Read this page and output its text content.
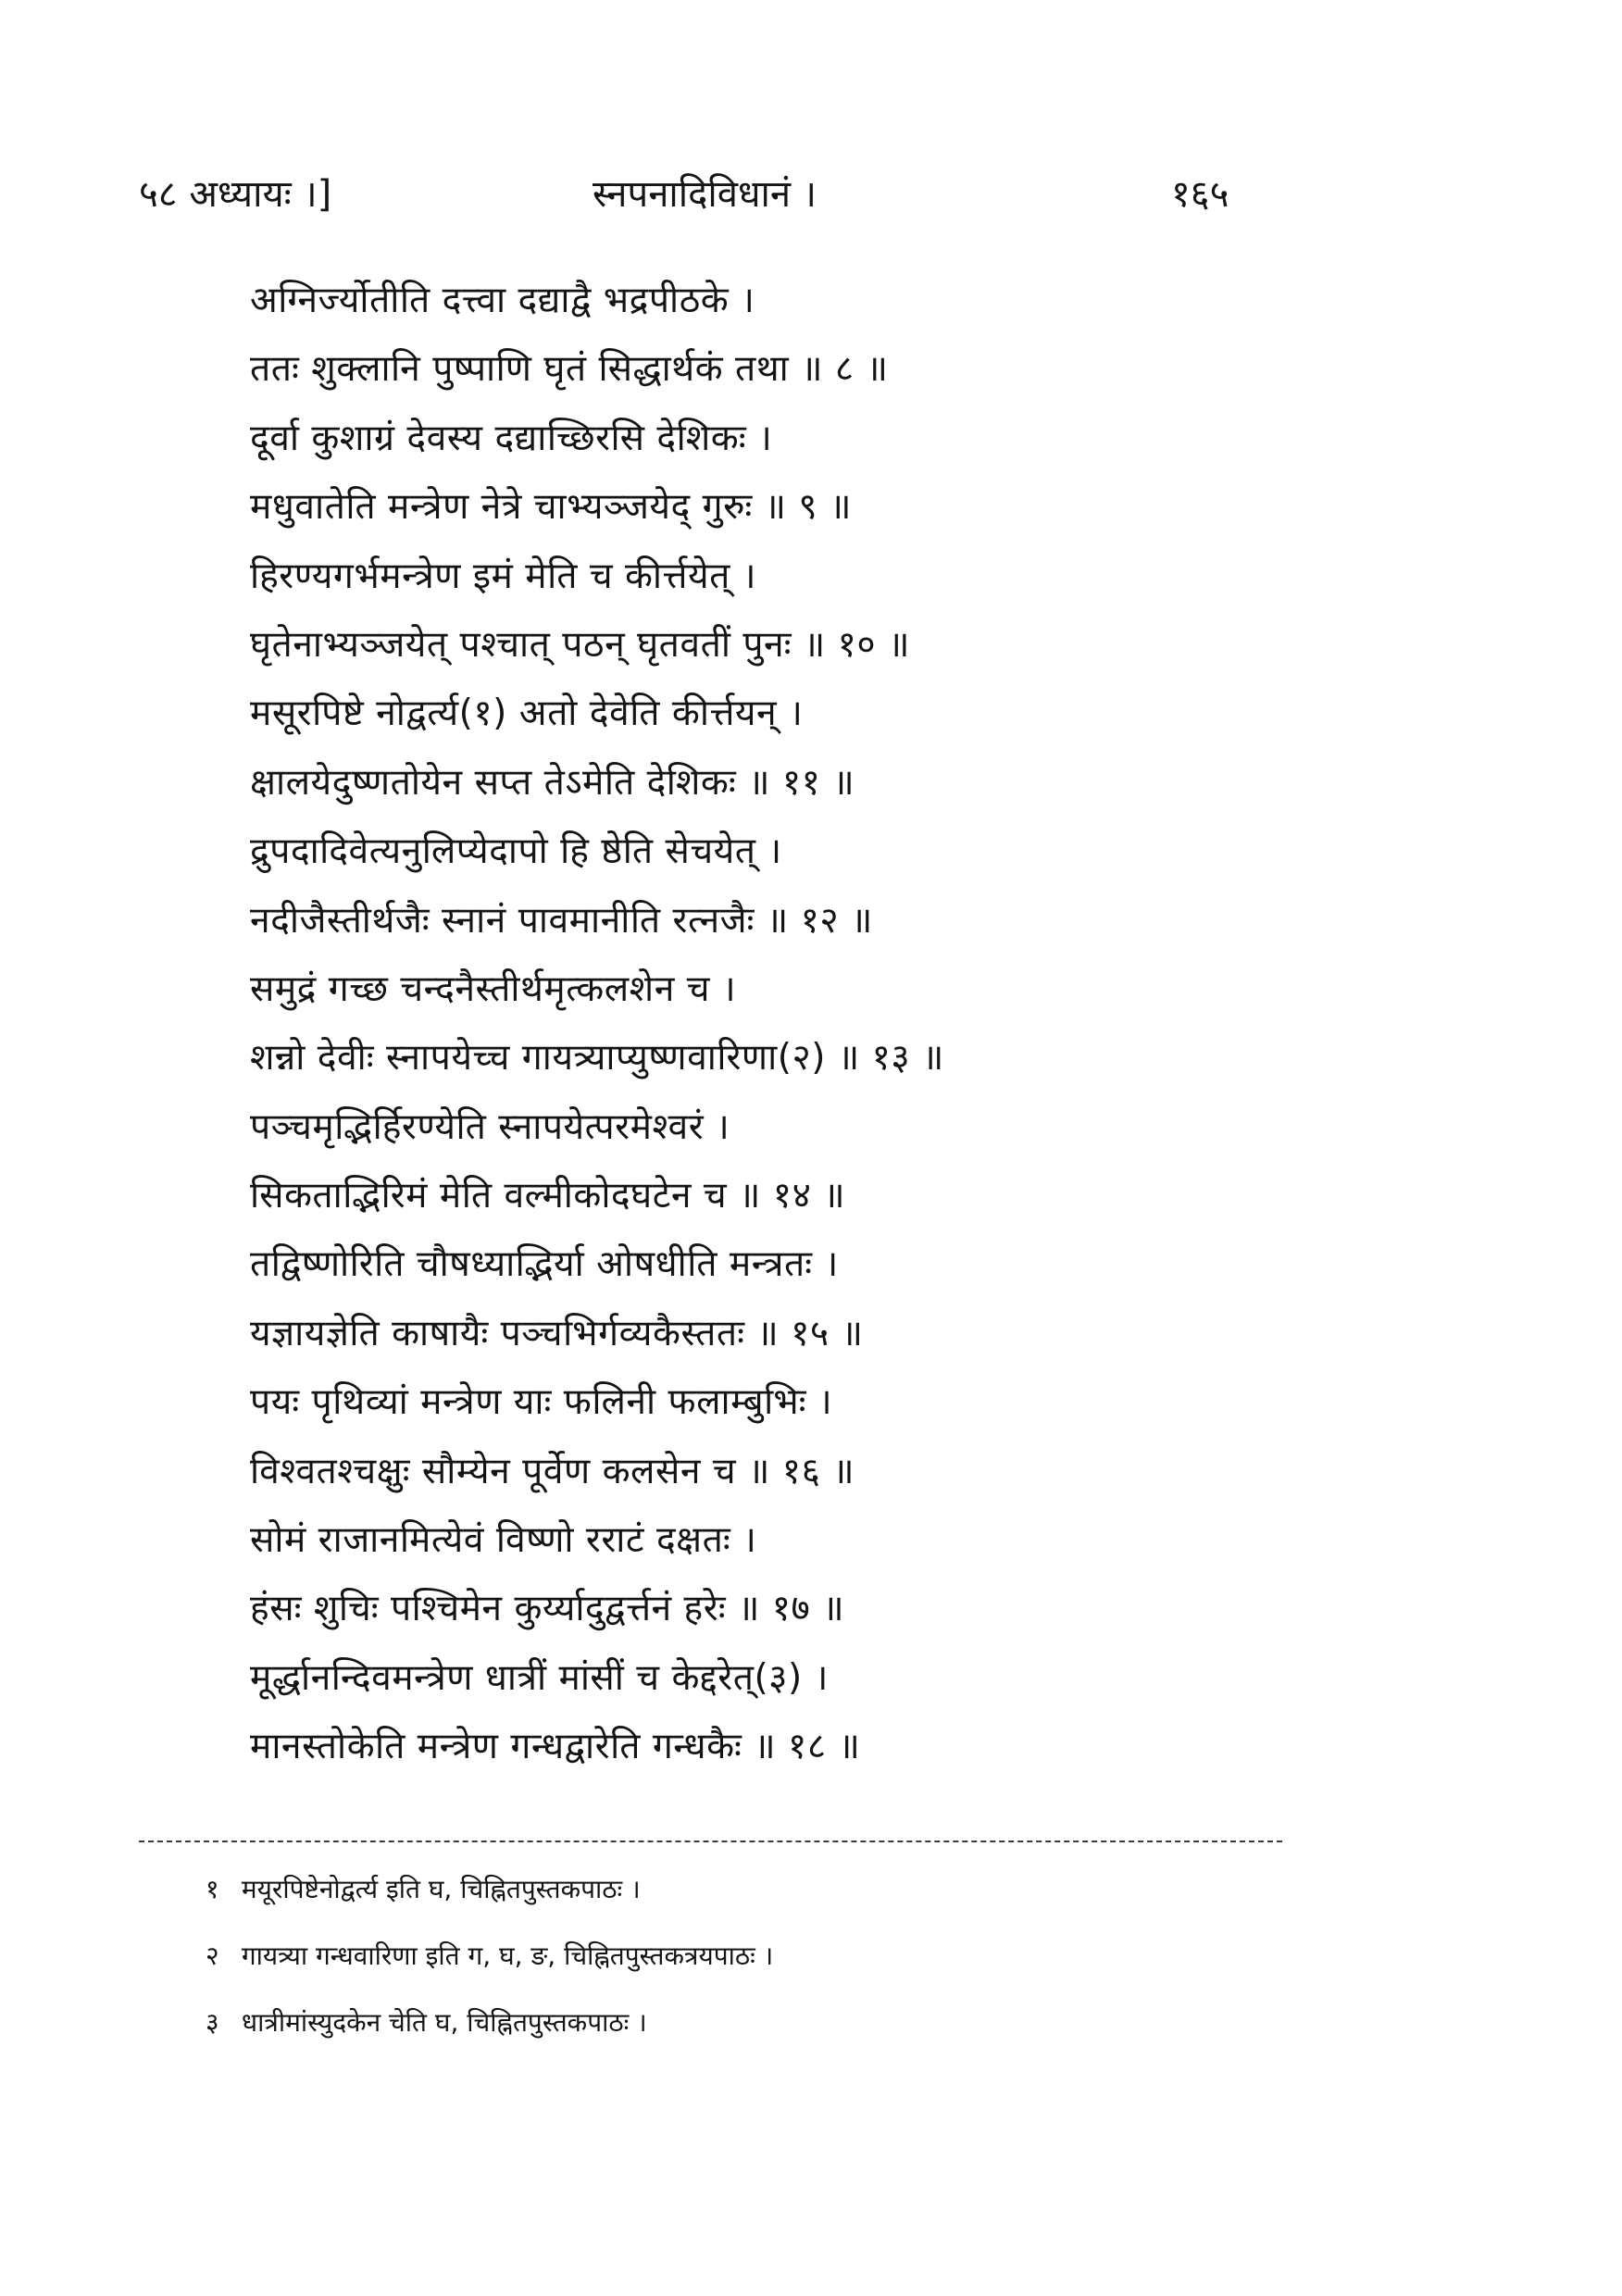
५८ अध्यायः ।]	स्नपनादिविधानं ।	१६५
अग्निर्ज्योतीति दत्त्वा दद्याद्वै भद्रपीठके ।
ततः शुक्लानि पुष्पाणि घृतं सिद्धार्थकं तथा ॥ ८ ॥
दूर्वा कुशाग्रं देवस्य दद्याच्छिरसि देशिकः ।
मधुवातेति मन्त्रेण नेत्रे चाभ्यञ्जयेद् गुरुः ॥ ९ ॥
हिरण्यगर्भमन्त्रेण इमं मेति च कीर्त्तयेत् ।
घृतेनाभ्यञ्जयेत् पश्चात् पठन् घृतवतीं पुनः ॥ १० ॥
मसूरपिष्टे नोद्वर्त्य(१) अतो देवेति कीर्त्तयन् ।
क्षालयेदुष्णतोयेन सप्त तेऽमेति देशिकः ॥ ११ ॥
द्रुपदादिवेत्यनुलिप्येदापो हि ष्ठेति सेचयेत् ।
नदीजैस्तीर्थजैः स्नानं पावमानीति रत्नजैः ॥ १२ ॥
समुद्रं गच्छ चन्दनैस्तीर्थमृत्कलशेन च ।
शन्नो देवीः स्नापयेच्च गायत्र्याप्युष्णवारिणा(२) ॥ १३ ॥
पञ्चमृद्भिर्हिरण्येति स्नापयेत्परमेश्वरं ।
सिकताद्भिरिमं मेति वल्मीकोदघटेन च ॥ १४ ॥
तद्विष्णोरिति चौषध्याद्भिर्या ओषधीति मन्त्रतः ।
यज्ञायज्ञेति काषायैः पञ्चभिर्गव्यकैस्ततः ॥ १५ ॥
पयः पृथिव्यां मन्त्रेण याः फलिनी फलाम्बुभिः ।
विश्वतश्चक्षुः सौम्येन पूर्वेण कलसेन च ॥ १६ ॥
सोमं राजानमित्येवं विष्णो रराटं दक्षतः ।
हंसः शुचिः पश्चिमेन कुर्य्यादुद्वर्त्तनं हरेः ॥ १७ ॥
मूर्द्धानन्दिवमन्त्रेण धात्रीं मांसीं च केद्दरेत्(३) ।
मानस्तोकेति मन्त्रेण गन्धद्वारेति गन्धकैः ॥ १८ ॥
१ मयूरपिष्टेनोद्वर्त्य इति घ, चिह्नितपुस्तकपाठः ।
२ गायत्र्या गन्धवारिणा इति ग, घ, ङ, चिह्नितपुस्तकत्रयपाठः ।
३ धात्रीमांस्युदकेन चेति घ, चिह्नितपुस्तकपाठः ।
